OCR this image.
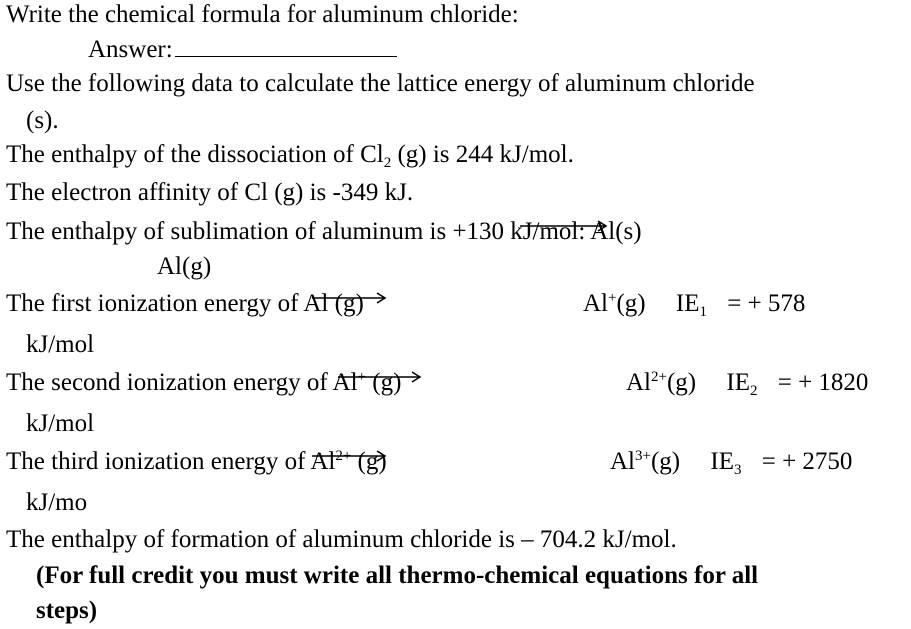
Write the chemical formula for aluminum chloride:
Answer:
Use the following data to calculate the lattice energy of aluminum chloride
(s).
The enthalpy of the dissociation of $Cl_2$ (g) is 244 kJ/mol.
The electron affinity of Cl (g) is -349 kJ.
The enthalpy of sublimation of aluminum is +130 kJ/mol: Al(s)
Al(g)
The first ionization energy of Al (g)	Al+(g) $IE_1$ = + 578
kJ/mol
The second ionization energy of Al+ (g)	$Al^{2+}(g) IE_2$ = + 1820
kJ/mol
The third ionization energy of $Al^{2+}$ (g)	$Al^{3+}(g) IE_3$ = + 2750
kJ/mo
The enthalpy of formation of aluminum chloride is – 704.2 kJ/mol.
(For full credit you must write all thermo-chemical equations for all
steps)
